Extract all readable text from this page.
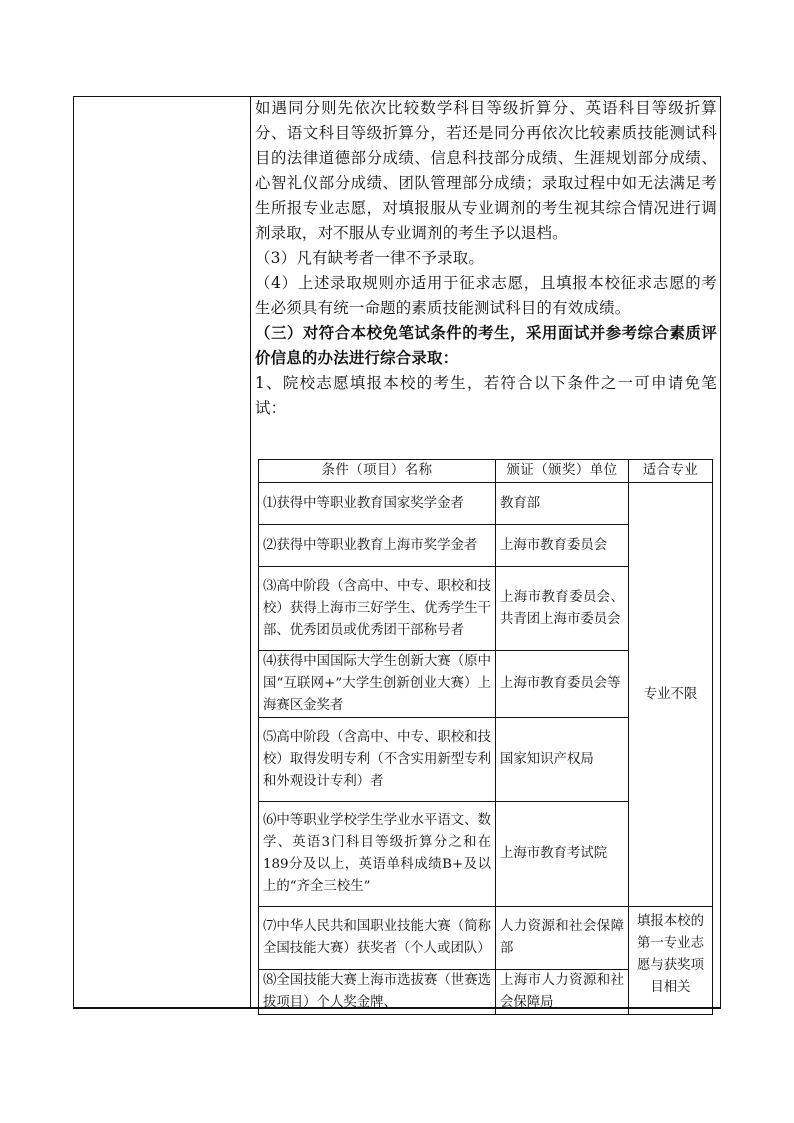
如遇同分则先依次比较数学科目等级折算分、英语科目等级折算分、语文科目等级折算分，若还是同分再依次比较素质技能测试科目的法律道德部分成绩、信息科技部分成绩、生涯规划部分成绩、心智礼仪部分成绩、团队管理部分成绩；录取过程中如无法满足考生所报专业志愿，对填报服从专业调剂的考生视其综合情况进行调剂录取，对不服从专业调剂的考生予以退档。

（3）凡有缺考者一律不予录取。

（4）上述录取规则亦适用于征求志愿，且填报本校征求志愿的考生必须具有统一命题的素质技能测试科目的有效成绩。

（三）对符合本校免笔试条件的考生，采用面试并参考综合素质评价信息的办法进行综合录取：

1、院校志愿填报本校的考生，若符合以下条件之一可申请免笔试：

条件（项目）名称	颁证（颁奖）单位	适合专业
⑴获得中等职业教育国家奖学金者	教育部	专业不限
⑵获得中等职业教育上海市奖学金者	上海市教育委员会	
⑶高中阶段（含高中、中专、职校和技校）获得上海市三好学生、优秀学生干部、优秀团员或优秀团干部称号者	上海市教育委员会、共青团上海市委员会	
⑷获得中国国际大学生创新大赛（原中国“互联网+”大学生创新创业大赛）上海赛区金奖者	上海市教育委员会等	
⑸高中阶段（含高中、中专、职校和技校）取得发明专利（不含实用新型专利和外观设计专利）者	国家知识产权局	
⑹中等职业学校学生学业水平语文、数学、英语3门科目等级折算分之和在189分及以上，英语单科成绩B+及以上的“齐全三校生”	上海市教育考试院	
⑺中华人民共和国职业技能大赛（简称全国技能大赛）获奖者（个人或团队）	人力资源和社会保障部	填报本校的第一专业志愿与获奖项目相关
⑻全国技能大赛上海市选拔赛（世赛选拔项目）个人奖金牌、	上海市人力资源和社会保障局	
